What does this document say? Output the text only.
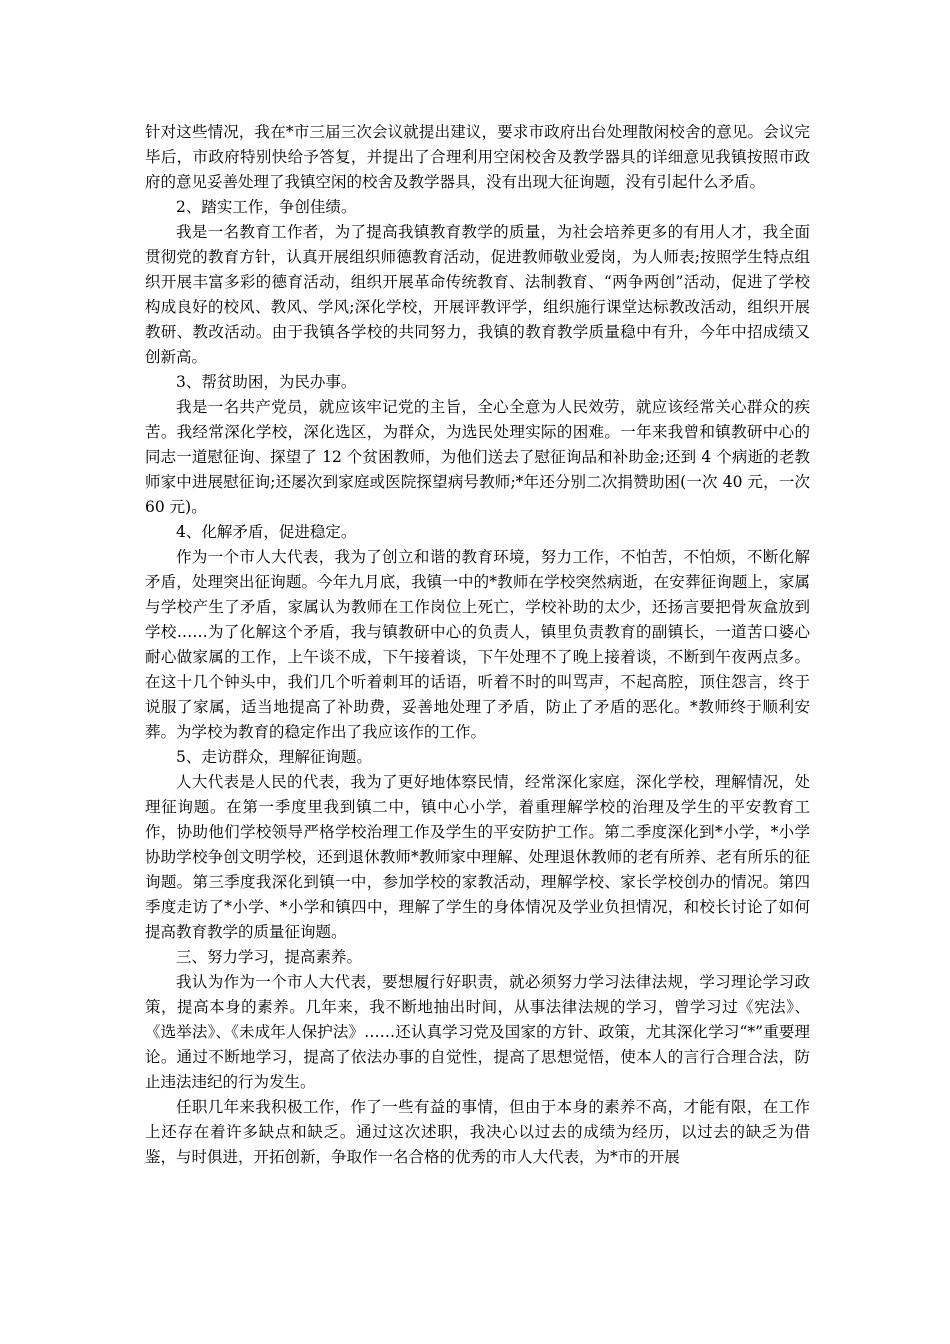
针对这些情况，我在*市三届三次会议就提出建议，要求市政府出台处理散闲校舍的意见。会议完毕后，市政府特别快给予答复，并提出了合理利用空闲校舍及教学器具的详细意见我镇按照市政府的意见妥善处理了我镇空闲的校舍及教学器具，没有出现大征询题，没有引起什么矛盾。

2、踏实工作，争创佳绩。

我是一名教育工作者，为了提高我镇教育教学的质量，为社会培养更多的有用人才，我全面贯彻党的教育方针，认真开展组织师德教育活动，促进教师敬业爱岗，为人师表;按照学生特点组织开展丰富多彩的德育活动，组织开展革命传统教育、法制教育、“两争两创”活动，促进了学校构成良好的校风、教风、学风;深化学校，开展评教评学，组织施行课堂达标教改活动，组织开展教研、教改活动。由于我镇各学校的共同努力，我镇的教育教学质量稳中有升，今年中招成绩又创新高。

3、帮贫助困，为民办事。

我是一名共产党员，就应该牢记党的主旨，全心全意为人民效劳，就应该经常关心群众的疾苦。我经常深化学校，深化选区，为群众，为选民处理实际的困难。一年来我曾和镇教研中心的同志一道慰征询、探望了 12 个贫困教师，为他们送去了慰征询品和补助金;还到 4 个病逝的老教师家中进展慰征询;还屡次到家庭或医院探望病号教师;*年还分别二次捐赞助困(一次 40 元，一次 60 元)。

4、化解矛盾，促进稳定。

作为一个市人大代表，我为了创立和谐的教育环境，努力工作，不怕苦，不怕烦，不断化解矛盾，处理突出征询题。今年九月底，我镇一中的*教师在学校突然病逝，在安葬征询题上，家属与学校产生了矛盾，家属认为教师在工作岗位上死亡，学校补助的太少，还扬言要把骨灰盒放到学校……为了化解这个矛盾，我与镇教研中心的负责人，镇里负责教育的副镇长，一道苦口婆心耐心做家属的工作，上午谈不成，下午接着谈，下午处理不了晚上接着谈，不断到午夜两点多。在这十几个钟头中，我们几个听着刺耳的话语，听着不时的叫骂声，不起高腔，顶住怨言，终于说服了家属，适当地提高了补助费，妥善地处理了矛盾，防止了矛盾的恶化。*教师终于顺利安葬。为学校为教育的稳定作出了我应该作的工作。

5、走访群众，理解征询题。

人大代表是人民的代表，我为了更好地体察民情，经常深化家庭，深化学校，理解情况，处理征询题。在第一季度里我到镇二中，镇中心小学，着重理解学校的治理及学生的平安教育工作，协助他们学校领导严格学校治理工作及学生的平安防护工作。第二季度深化到*小学，*小学协助学校争创文明学校，还到退休教师*教师家中理解、处理退休教师的老有所养、老有所乐的征询题。第三季度我深化到镇一中，参加学校的家教活动，理解学校、家长学校创办的情况。第四季度走访了*小学、*小学和镇四中，理解了学生的身体情况及学业负担情况，和校长讨论了如何提高教育教学的质量征询题。

三、努力学习，提高素养。

我认为作为一个市人大代表，要想履行好职责，就必须努力学习法律法规，学习理论学习政策，提高本身的素养。几年来，我不断地抽出时间，从事法律法规的学习，曾学习过《宪法》、《选举法》、《未成年人保护法》……还认真学习党及国家的方针、政策，尤其深化学习“*”重要理论。通过不断地学习，提高了依法办事的自觉性，提高了思想觉悟，使本人的言行合理合法，防止违法违纪的行为发生。

任职几年来我积极工作，作了一些有益的事情，但由于本身的素养不高，才能有限，在工作上还存在着许多缺点和缺乏。通过这次述职，我决心以过去的成绩为经历，以过去的缺乏为借鉴，与时俱进，开拓创新，争取作一名合格的优秀的市人大代表，为*市的开展
